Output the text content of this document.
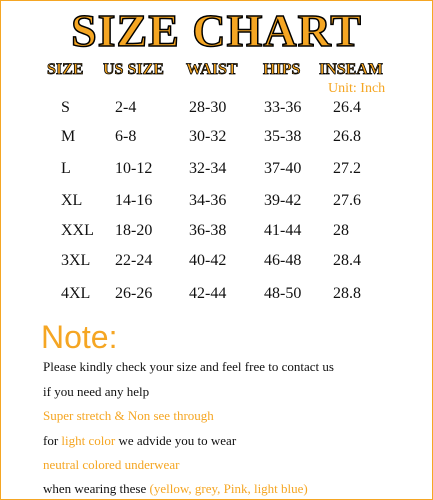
SIZE CHART
SIZE US SIZE WAIST HIPS INSEAM
Unit: Inch
S	2-4	28-30 33-36 26.4
M 6-8	30-32 35-38 26.8
L	10-12 32-34 37-40 27.2
XL 14-16 34-36 39-42 27.6
XXL 18-20 36-38 41-44 28
3XL 22-24 40-42 46-48 28.4
4XL 26-26 42-44 48-50 28.8
Note:
Please kindly check your size and feel free to contact us
if you need any help
Super stretch & Non see through
for light color we advide you to wear
neutral colored underwear
when wearing these (yellow, grey, Pink, light blue)
